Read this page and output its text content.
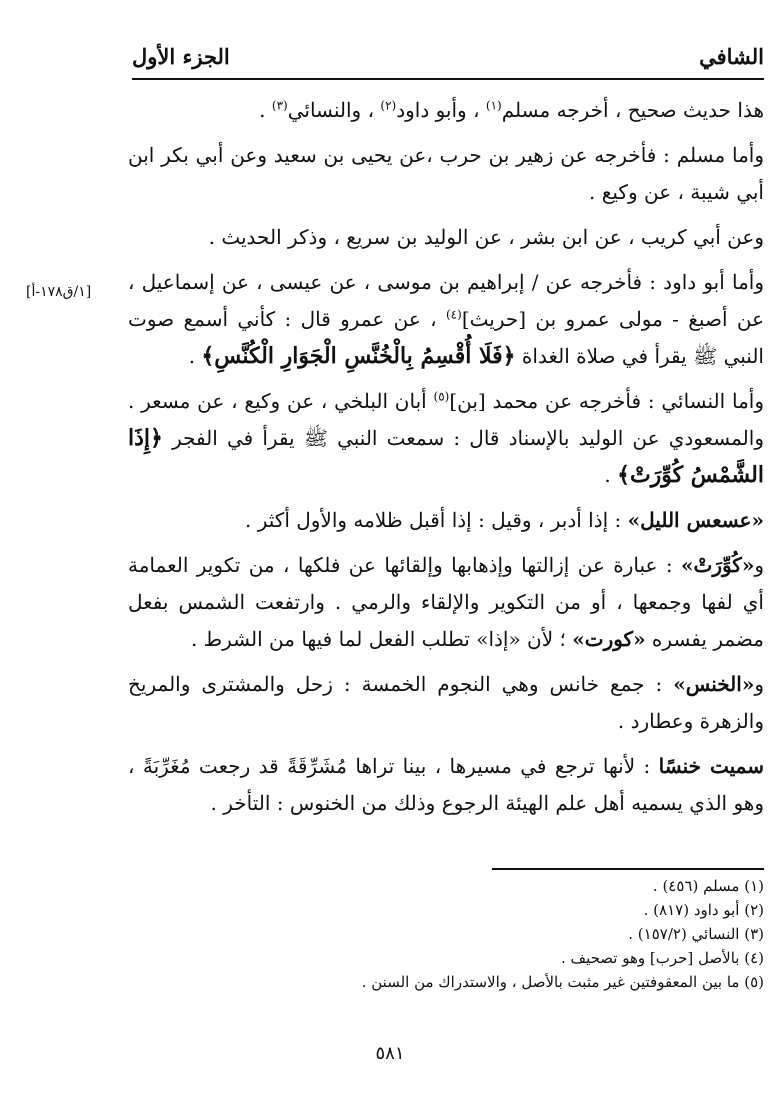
الشافي
الجزء الأول
[١/ق١٧٨-أ]

هذا حديث صحيح ، أخرجه مسلم$^{(١)}$ ، وأبو داود$^{(٢)}$ ، والنسائي$^{(٣)}$ .

وأما مسلم : فأخرجه عن زهير بن حرب ،عن يحيى بن سعيد وعن أبي بكر ابن أبي شيبة ، عن وكيع .

وعن أبي كريب ، عن ابن بشر ، عن الوليد بن سريع ، وذكر الحديث .

وأما أبو داود : فأخرجه عن / إبراهيم بن موسى ، عن عيسى ، عن إسماعيل ، عن أصبغ - مولى عمرو بن [حريث]$^{(٤)}$ ، عن عمرو قال : كأني أسمع صوت النبي ﷺ يقرأ في صلاة الغداة ﴿فَلَا أُقْسِمُ بِالْخُنَّسِ الْجَوَارِ الْكُنَّسِ﴾ .

وأما النسائي : فأخرجه عن محمد [بن]$^{(٥)}$ أبان البلخي ، عن وكيع ، عن مسعر . والمسعودي عن الوليد بالإسناد قال : سمعت النبي ﷺ يقرأ في الفجر ﴿إِذَا الشَّمْسُ كُوِّرَتْ﴾ .

«عسعس الليل» : إذا أدبر ، وقيل : إذا أقبل ظلامه والأول أكثر .

و«كُوِّرَتْ» : عبارة عن إزالتها وإذهابها وإلقائها عن فلكها ، من تكوير العمامة أي لفها وجمعها ، أو من التكوير والإلقاء والرمي . وارتفعت الشمس بفعل مضمر يفسره «كورت» ؛ لأن «إذا» تطلب الفعل لما فيها من الشرط .

و«الخنس» : جمع خانس وهي النجوم الخمسة : زحل والمشترى والمريخ والزهرة وعطارد .

سميت خنسًا : لأنها ترجع في مسيرها ، بينا تراها مُشَرِّقَةً قد رجعت مُغَرِّبَةً ، وهو الذي يسميه أهل علم الهيئة الرجوع وذلك من الخنوس : التأخر .

(١) مسلم (٤٥٦) .
(٢) أبو داود (٨١٧) .
(٣) النسائي (١٥٧/٢) .
(٤) بالأصل [حرب] وهو تصحيف .
(٥) ما بين المعقوفتين غير مثبت بالأصل ، والاستدراك من السنن .
٥٨١
